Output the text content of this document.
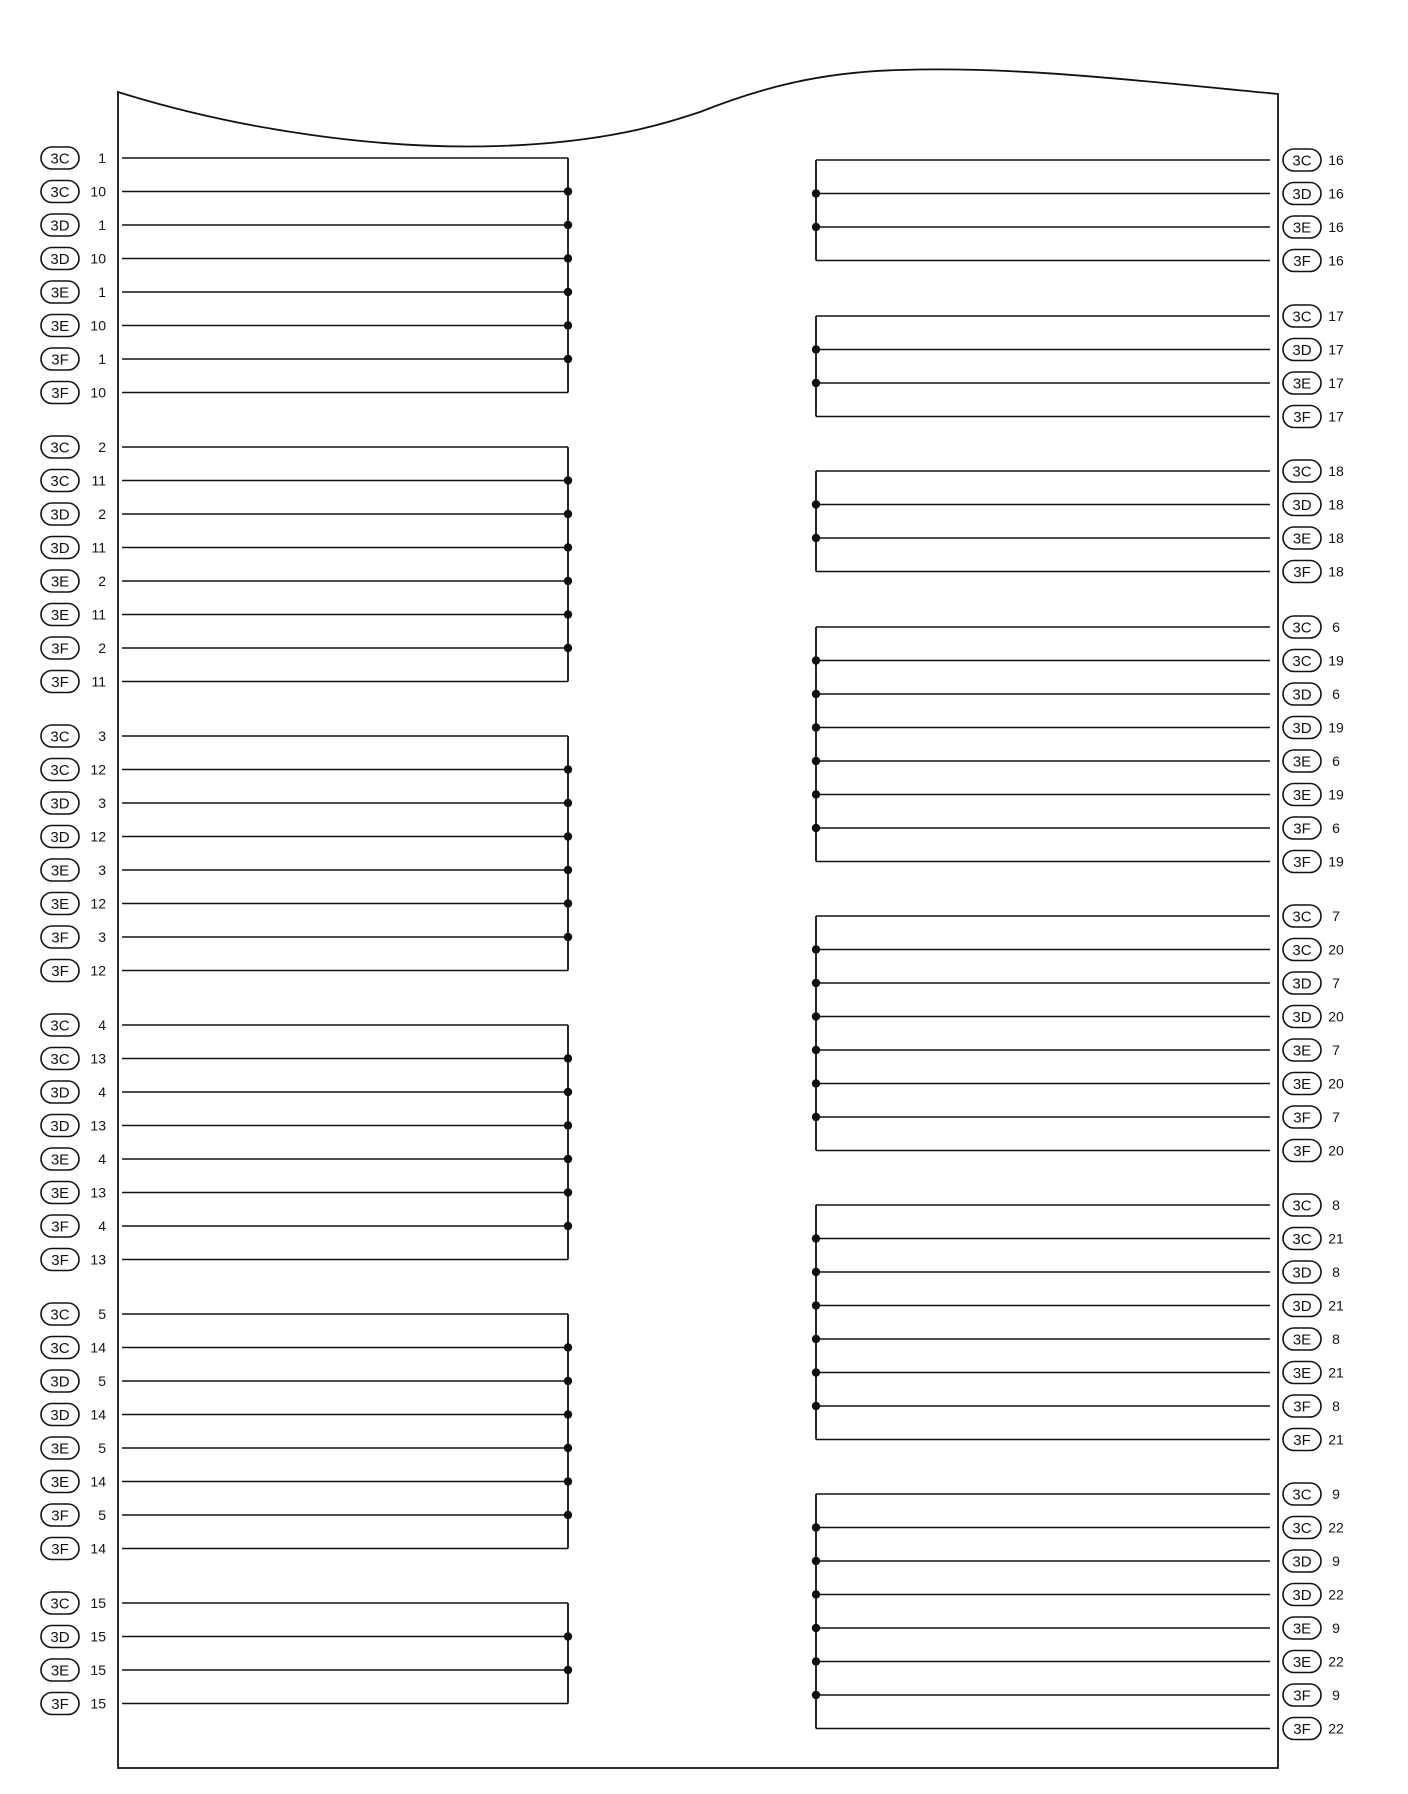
3C 1
3C 10
3D 1
3D 10
3E 1
3E 10
3F 1
3F 10
3C 2
3C 11
3D 2
3D 11
3E 2
3E 11
3F 2
3F 11
3C 3
3C 12
3D 3
3D 12
3E 3
3E 12
3F 3
3F 12
3C 4
3C 13
3D 4
3D 13
3E 4
3E 13
3F 4
3F 13
3C 5
3C 14
3D 5
3D 14
3E 5
3E 14
3F 5
3F 14
3C 15
3D 15
3E 15
3F 15
3C 16
3D 16
3E 16
3F 16
3C 17
3D 17
3E 17
3F 17
3C 18
3D 18
3E 18
3F 18
3C 6
3C 19
3D 6
3D 19
3E 6
3E 19
3F 6
3F 19
3C 7
3C 20
3D 7
3D 20
3E 7
3E 20
3F 7
3F 20
3C 8
3C 21
3D 8
3D 21
3E 8
3E 21
3F 8
3F 21
3C 9
3C 22
3D 9
3D 22
3E 9
3E 22
3F 9
3F 22
